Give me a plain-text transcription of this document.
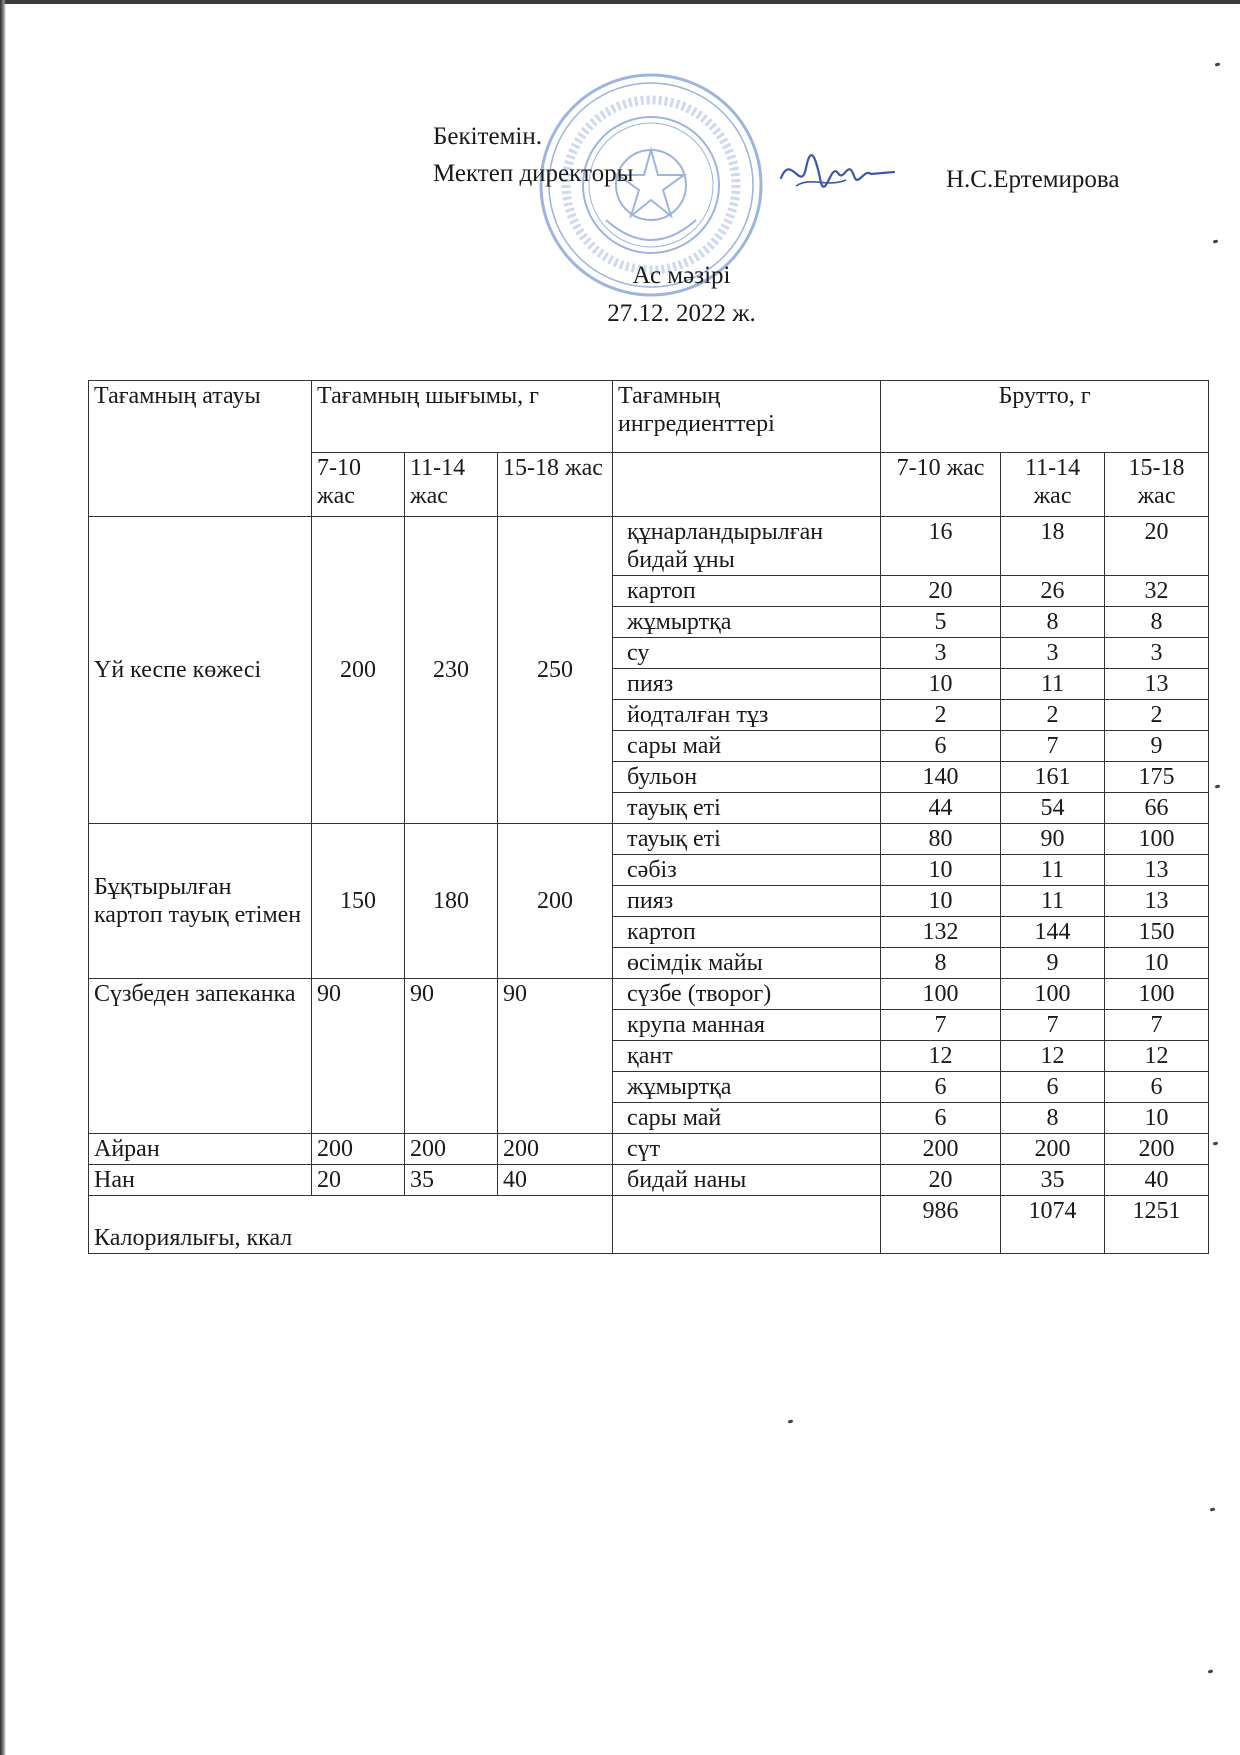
Бекітемін.
Мектеп директоры	Н.С.Ертемирова
Ас мәзірі
27.12. 2022 ж.
Тағамның атауы	Тағамның шығымы, г			Тағамның ингредиенттері	Брутто, г		
	7-10 жас	11-14 жас	15-18 жас		7-10 жас	11-14 жас	15-18 жас
Үй кеспе көжесі	200	230	250	құнарландырылған бидай ұны	16	18	20
				картоп	20	26	32
				жұмыртқа	5	8	8
				су	3	3	3
				пияз	10	11	13
				йодталған тұз	2	2	2
				сары май	6	7	9
				бульон	140	161	175
				тауық еті	44	54	66
Бұқтырылған картоп тауық етімен	150	180	200	тауық еті	80	90	100
				сәбіз	10	11	13
				пияз	10	11	13
				картоп	132	144	150
				өсімдік майы	8	9	10
Сүзбеден запеканка	90	90	90	сүзбе (творог)	100	100	100
				крупа манная	7	7	7
				қант	12	12	12
				жұмыртқа	6	6	6
				сары май	6	8	10
Айран	200	200	200	сүт	200	200	200
Нан	20	35	40	бидай наны	20	35	40
Калориялығы, ккал					986	1074	1251
